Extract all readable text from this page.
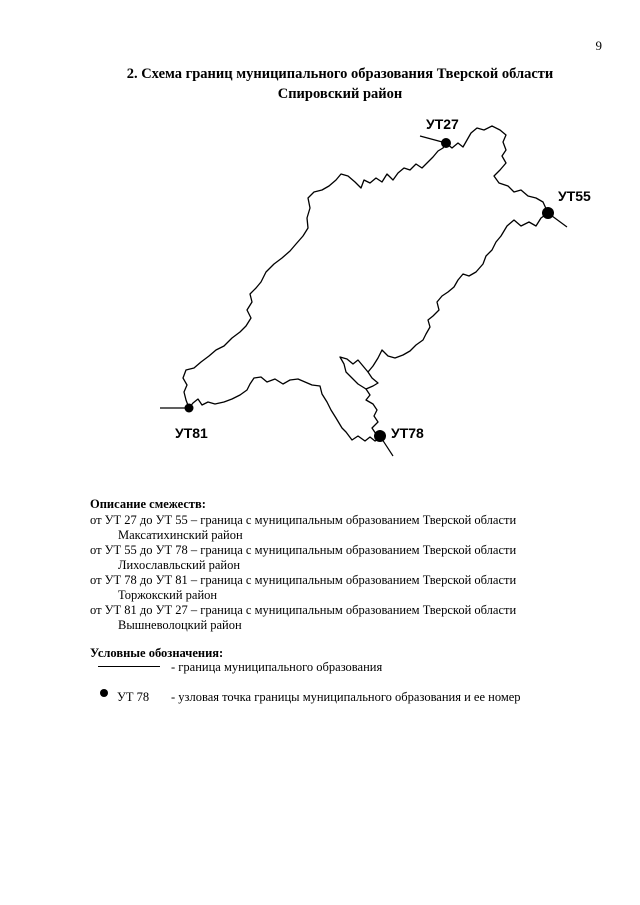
9
2. Схема границ муниципального образования Тверской области
Спировский район
УТ27
УТ55
УТ78
УТ81
Описание смежеств:
от УТ 27 до УТ 55 – граница с муниципальным образованием Тверской области
Максатихинский район
от УТ 55 до УТ 78 – граница с муниципальным образованием Тверской области
Лихославльский район
от УТ 78 до УТ 81 – граница с муниципальным образованием Тверской области
Торжокский район
от УТ 81 до УТ 27 – граница с муниципальным образованием Тверской области
Вышневолоцкий район
Условные обозначения:
- граница муниципального образования
УТ 78 - узловая точка границы муниципального образования и ее номер
